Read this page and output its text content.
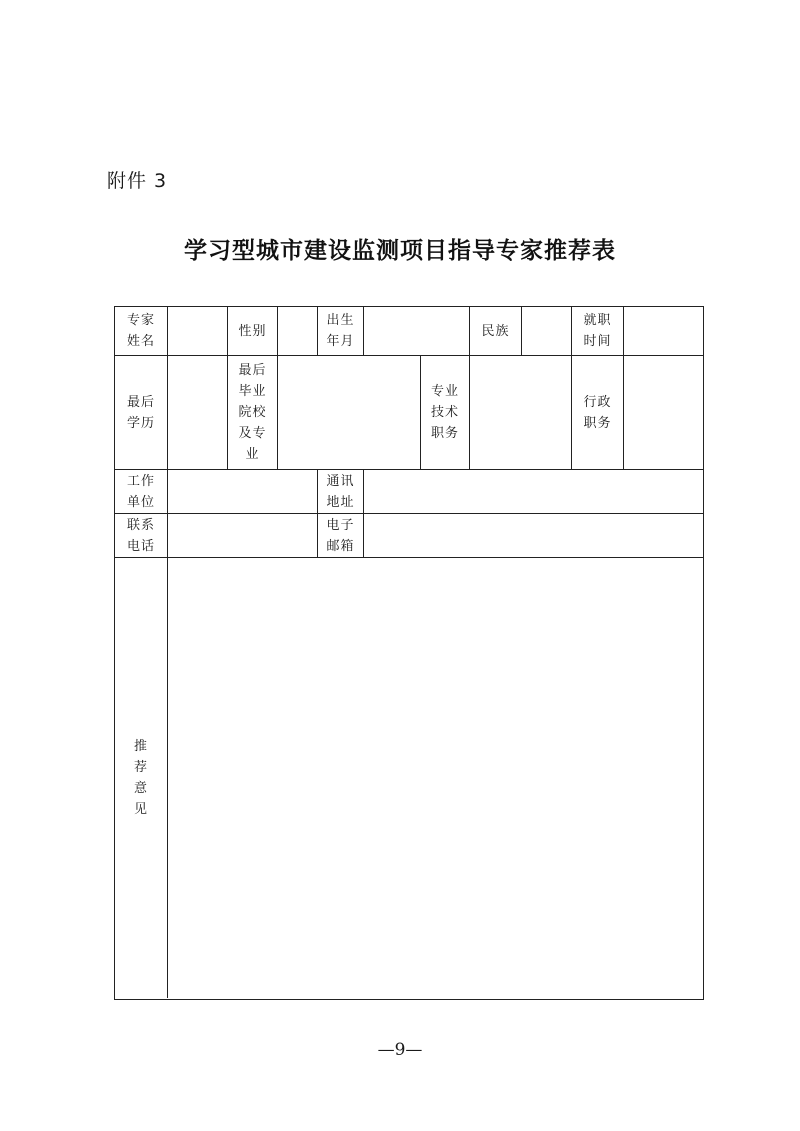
附件 3
学习型城市建设监测项目指导专家推荐表
专家
姓名
性别
出生
年月
民族
就职
时间
最后
学历
最后
毕业
院校
及专
业
专业
技术
职务
行政
职务
工作
单位
通讯
地址
联系
电话
电子
邮箱
推
荐
意
见
—9—
